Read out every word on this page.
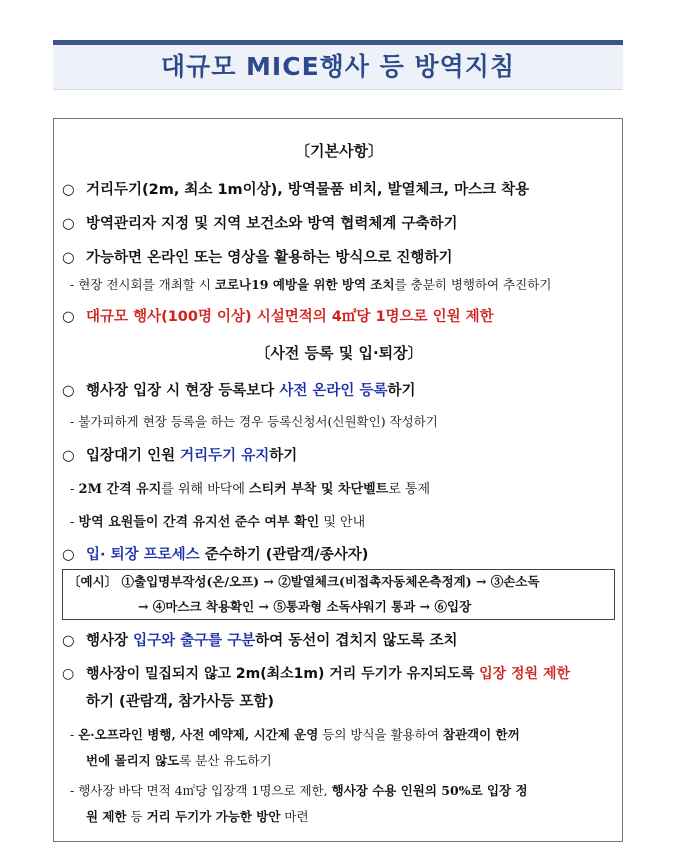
대규모 MICE행사 등 방역지침
〔기본사항〕
○ 거리두기(2m, 최소 1m이상), 방역물품 비치, 발열체크, 마스크 착용
○ 방역관리자 지정 및 지역 보건소와 방역 협력체계 구축하기
○ 가능하면 온라인 또는 영상을 활용하는 방식으로 진행하기
- 현장 전시회를 개최할 시 코로나19 예방을 위한 방역 조치를 충분히 병행하여 추진하기
○ 대규모 행사(100명 이상) 시설면적의 4㎡당 1명으로 인원 제한
〔사전 등록 및 입·퇴장〕
○ 행사장 입장 시 현장 등록보다 사전 온라인 등록하기
- 불가피하게 현장 등록을 하는 경우 등록신청서(신원확인) 작성하기
○ 입장대기 인원 거리두기 유지하기
- 2M 간격 유지를 위해 바닥에 스티커 부착 및 차단벨트로 통제
- 방역 요원들이 간격 유지선 준수 여부 확인 및 안내
○ 입· 퇴장 프로세스 준수하기 (관람객/종사자)
〔예시〕 ①출입명부작성(온/오프) → ②발열체크(비접촉자동체온측정계) → ③손소독
→ ④마스크 착용확인 → ⑤통과형 소독샤워기 통과 → ⑥입장
○ 행사장 입구와 출구를 구분하여 동선이 겹치지 않도록 조치
○ 행사장이 밀집되지 않고 2m(최소1m) 거리 두기가 유지되도록 입장 정원 제한
하기 (관람객, 참가사등 포함)
- 온·오프라인 병행, 사전 예약제, 시간제 운영 등의 방식을 활용하여 참관객이 한꺼
번에 몰리지 않도록 분산 유도하기
- 행사장 바닥 면적 4㎡당 입장객 1명으로 제한, 행사장 수용 인원의 50%로 입장 정
원 제한 등 거리 두기가 가능한 방안 마련
